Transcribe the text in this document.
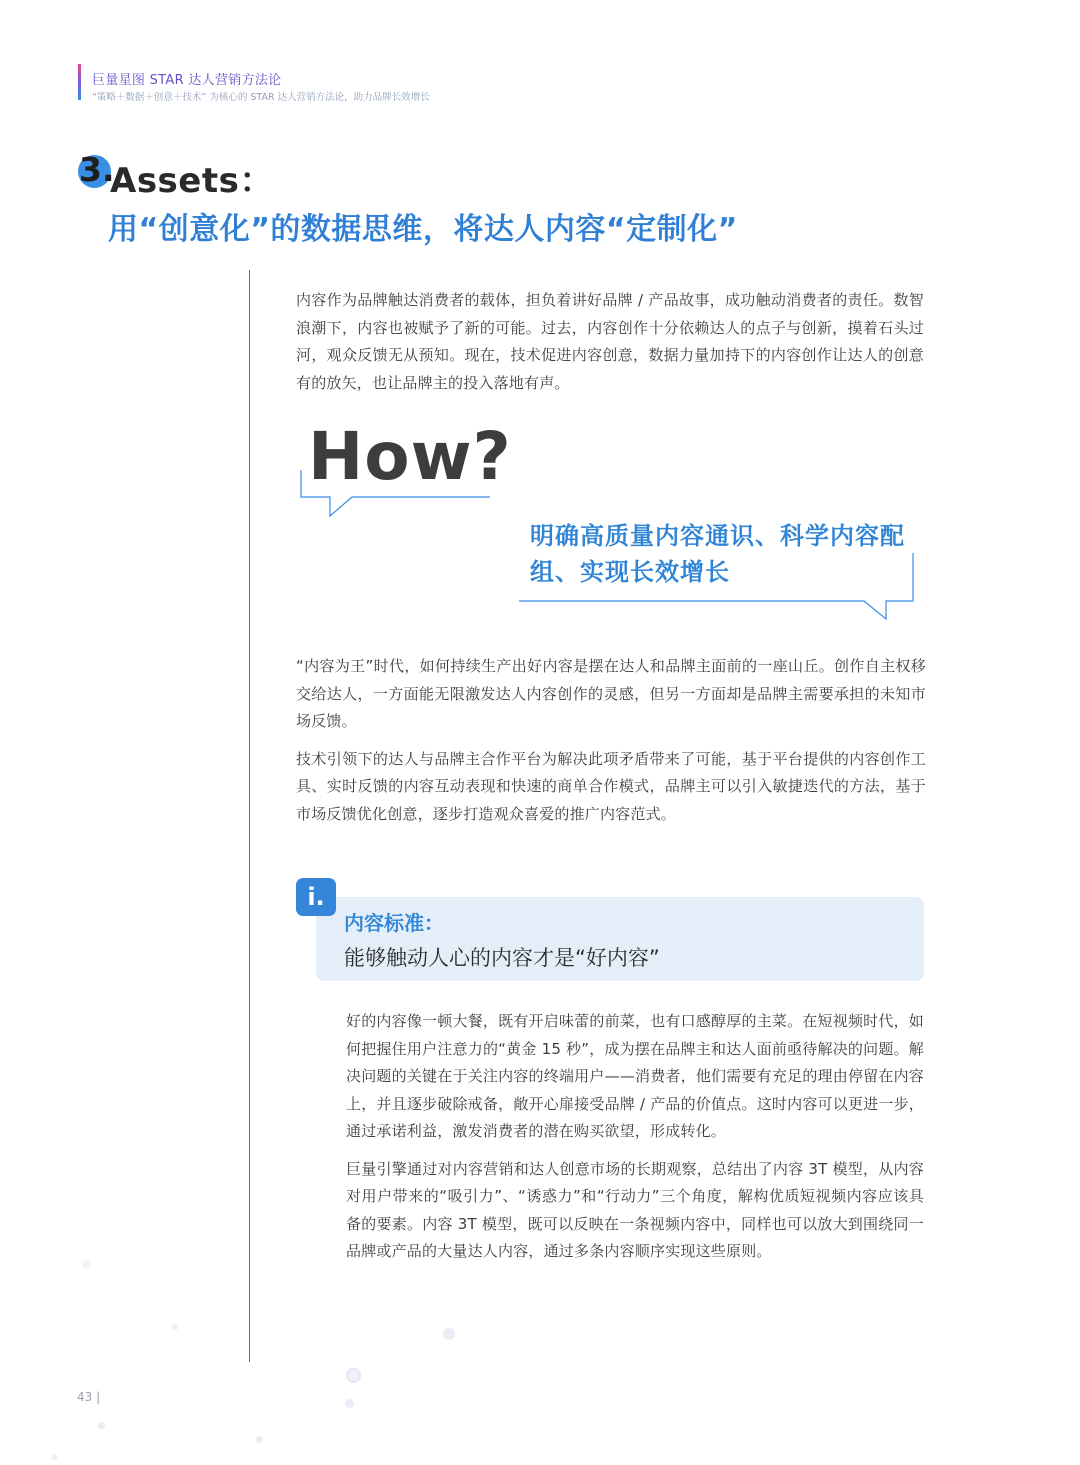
巨量星图 STAR 达人营销方法论
“策略＋数据＋创意＋技术” 为核心的 STAR 达人营销方法论，助力品牌长效增长
3.
Assets：
用“创意化”的数据思维，将达人内容“定制化”
内容作为品牌触达消费者的载体，担负着讲好品牌 / 产品故事，成功触动消费者的责任。数智浪潮下，内容也被赋予了新的可能。过去，内容创作十分依赖达人的点子与创新，摸着石头过河，观众反馈无从预知。现在，技术促进内容创意，数据力量加持下的内容创作让达人的创意有的放矢，也让品牌主的投入落地有声。
How?
明确高质量内容通识、科学内容配组、实现长效增长

“内容为王”时代，如何持续生产出好内容是摆在达人和品牌主面前的一座山丘。创作自主权移交给达人，一方面能无限激发达人内容创作的灵感，但另一方面却是品牌主需要承担的未知市场反馈。

技术引领下的达人与品牌主合作平台为解决此项矛盾带来了可能，基于平台提供的内容创作工具、实时反馈的内容互动表现和快速的商单合作模式，品牌主可以引入敏捷迭代的方法，基于市场反馈优化创意，逐步打造观众喜爱的推广内容范式。

i.
内容标准：
能够触动人心的内容才是“好内容”

好的内容像一顿大餐，既有开启味蕾的前菜，也有口感醇厚的主菜。在短视频时代，如何把握住用户注意力的“黄金 15 秒”，成为摆在品牌主和达人面前亟待解决的问题。解决问题的关键在于关注内容的终端用户——消费者，他们需要有充足的理由停留在内容上，并且逐步破除戒备，敞开心扉接受品牌 / 产品的价值点。这时内容可以更进一步，通过承诺利益，激发消费者的潜在购买欲望，形成转化。

巨量引擎通过对内容营销和达人创意市场的长期观察，总结出了内容 3T 模型，从内容对用户带来的“吸引力”、“诱惑力”和“行动力”三个角度，解构优质短视频内容应该具备的要素。内容 3T 模型，既可以反映在一条视频内容中，同样也可以放大到围绕同一品牌或产品的大量达人内容，通过多条内容顺序实现这些原则。

43 |
